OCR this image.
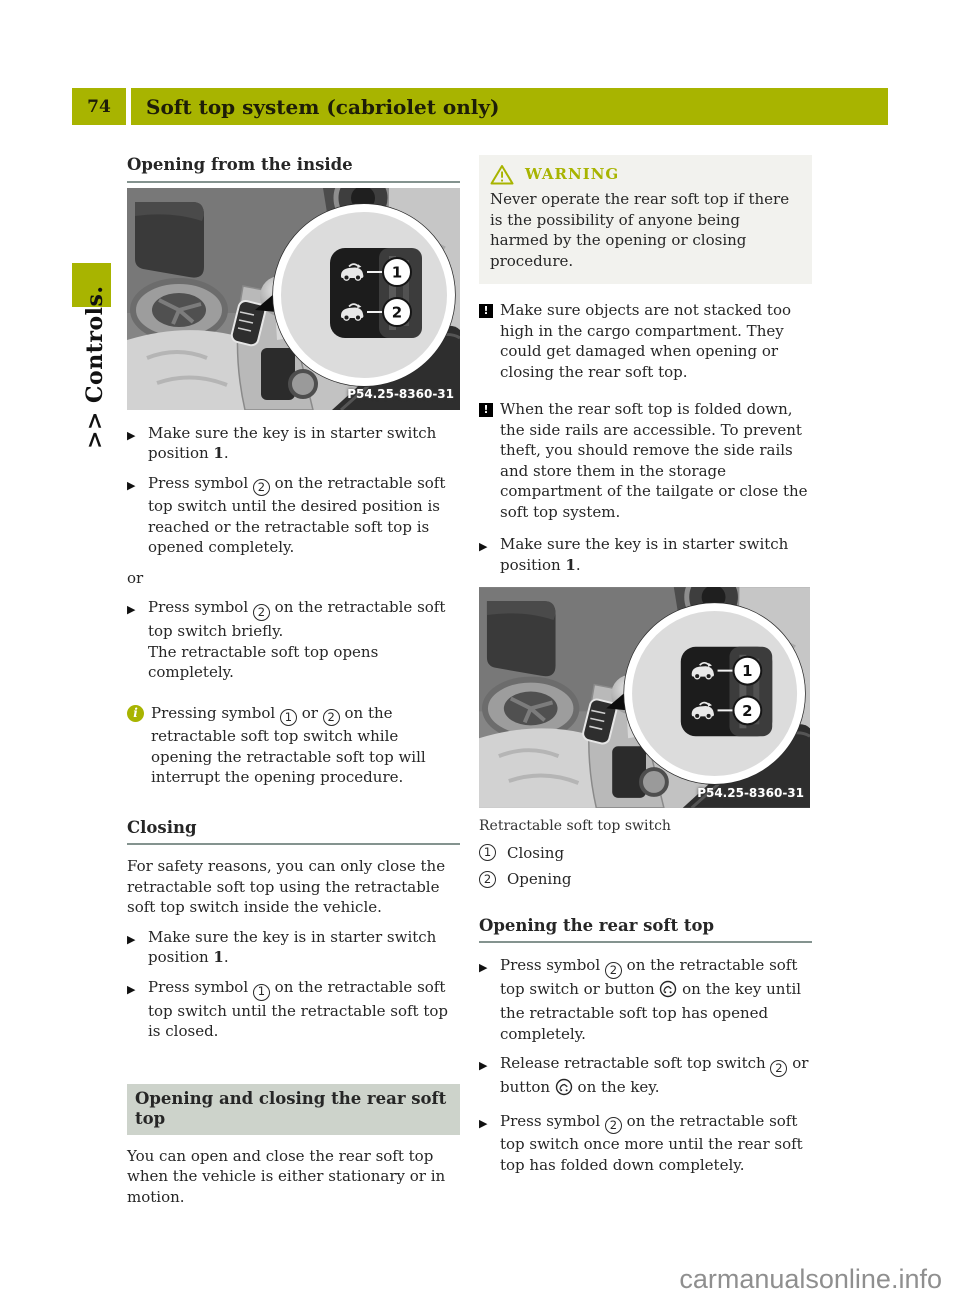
74	Soft top system (cabriolet only)
>> Controls.
Opening from the inside
P54.25-8360-31
▶ Make sure the key is in starter switch position 1.
▶ Press symbol 2 on the retractable soft top switch until the desired position is reached or the retractable soft top is opened completely.
or
▶ Press symbol 2 on the retractable soft top switch briefly.
The retractable soft top opens completely.
i Pressing symbol 1 or 2 on the retractable soft top switch while opening the retractable soft top will interrupt the opening procedure.
Closing

For safety reasons, you can only close the retractable soft top using the retractable soft top switch inside the vehicle.

▶ Make sure the key is in starter switch position 1.
▶ Press symbol 1 on the retractable soft top switch until the retractable soft top is closed.
Opening and closing the rear soft top

You can open and close the rear soft top when the vehicle is either stationary or in motion.

WARNING
Never operate the rear soft top if there is the possibility of anyone being harmed by the opening or closing procedure.
! Make sure objects are not stacked too high in the cargo compartment. They could get damaged when opening or closing the rear soft top.
! When the rear soft top is folded down, the side rails are accessible. To prevent theft, you should remove the side rails and store them in the storage compartment of the tailgate or close the soft top system.
▶ Make sure the key is in starter switch position 1.
P54.25-8360-31
Retractable soft top switch
1	Closing
2	Opening
Opening the rear soft top
▶ Press symbol 2 on the retractable soft top switch or button  on the key until the retractable soft top has opened completely.
▶ Release retractable soft top switch 2 or button  on the key.
▶ Press symbol 2 on the retractable soft top switch once more until the rear soft top has folded down completely.
carmanualsonline.info
